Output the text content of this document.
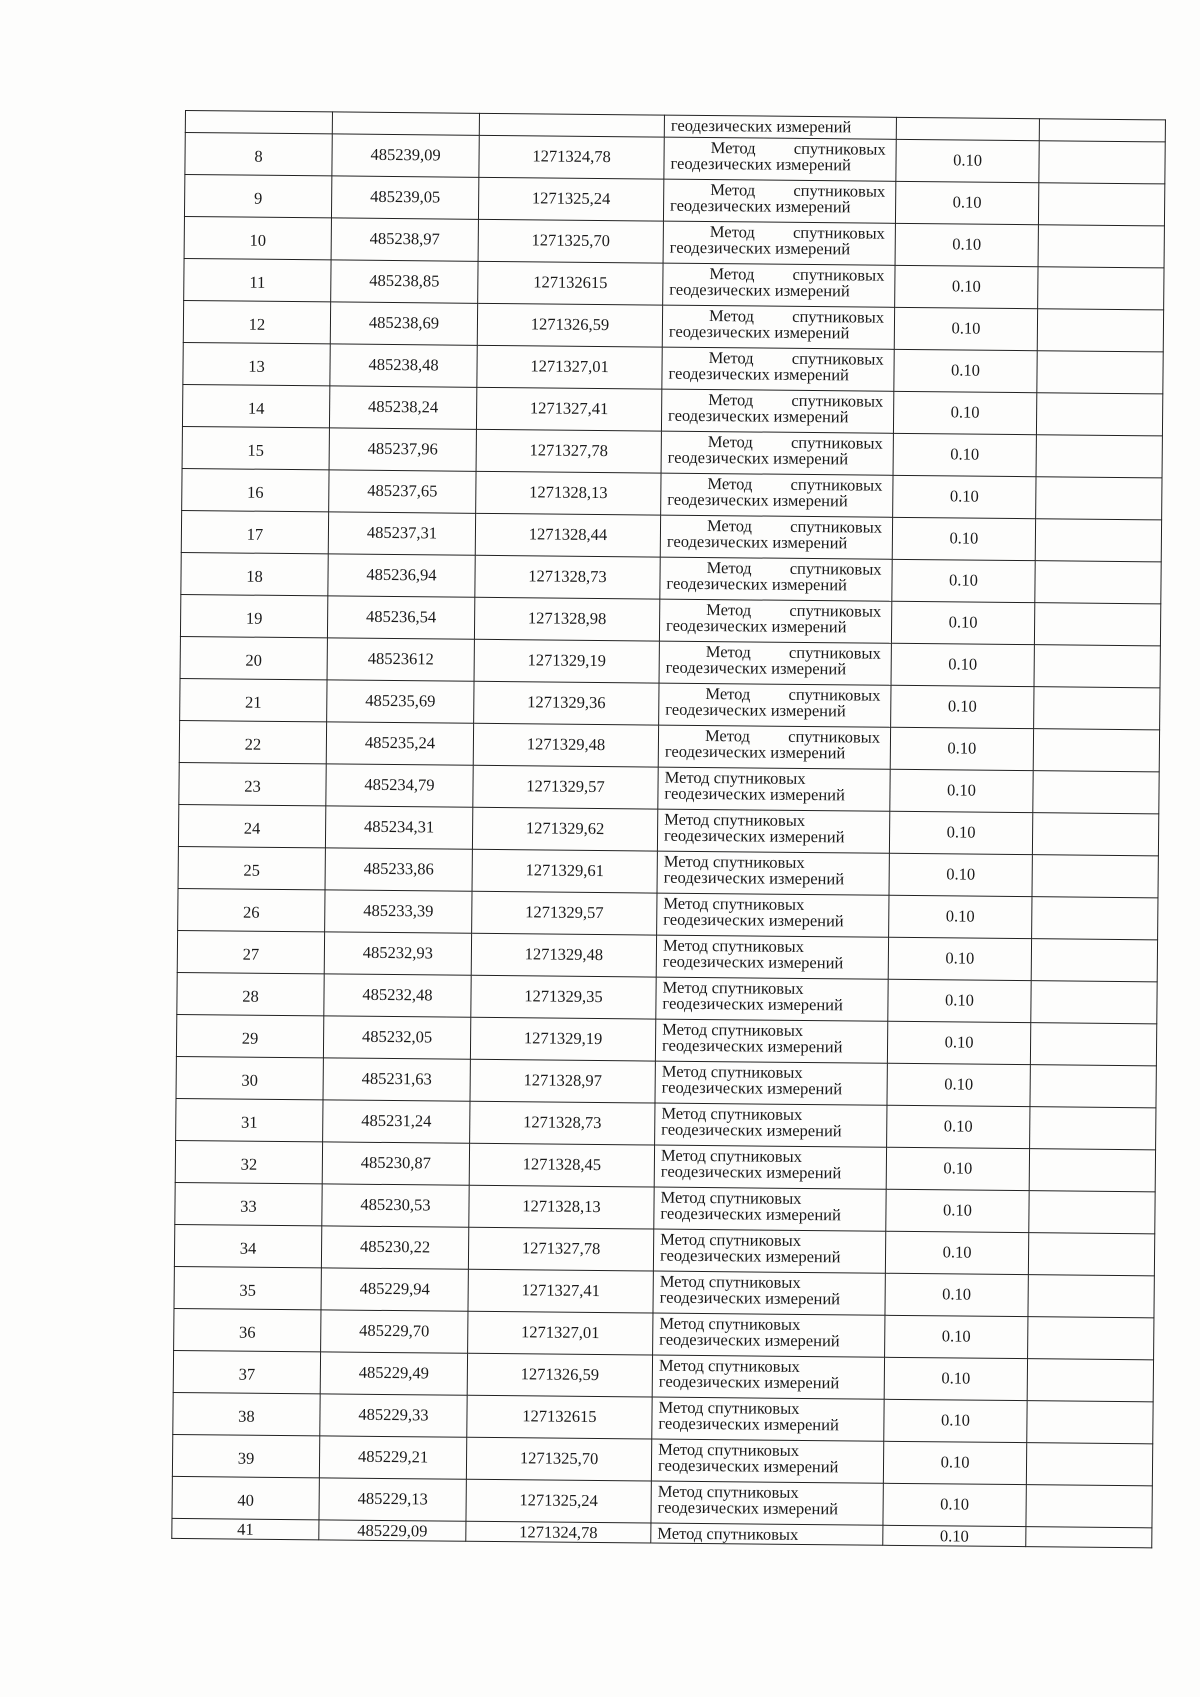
			геодезических измерений		

8	485239,09	1271324,78	Метод спутниковых
геодезических измерений	0.10	
9	485239,05	1271325,24	Метод спутниковых
геодезических измерений	0.10	
10	485238,97	1271325,70	Метод спутниковых
геодезических измерений	0.10	
11	485238,85	127132615	Метод спутниковых
геодезических измерений	0.10	
12	485238,69	1271326,59	Метод спутниковых
геодезических измерений	0.10	
13	485238,48	1271327,01	Метод спутниковых
геодезических измерений	0.10	
14	485238,24	1271327,41	Метод спутниковых
геодезических измерений	0.10	
15	485237,96	1271327,78	Метод спутниковых
геодезических измерений	0.10	
16	485237,65	1271328,13	Метод спутниковых
геодезических измерений	0.10	
17	485237,31	1271328,44	Метод спутниковых
геодезических измерений	0.10	
18	485236,94	1271328,73	Метод спутниковых
геодезических измерений	0.10	
19	485236,54	1271328,98	Метод спутниковых
геодезических измерений	0.10	
20	48523612	1271329,19	Метод спутниковых
геодезических измерений	0.10	
21	485235,69	1271329,36	Метод спутниковых
геодезических измерений	0.10	
22	485235,24	1271329,48	Метод спутниковых
геодезических измерений	0.10	
23	485234,79	1271329,57	Метод спутниковых
геодезических измерений	0.10	
24	485234,31	1271329,62	Метод спутниковых
геодезических измерений	0.10	
25	485233,86	1271329,61	Метод спутниковых
геодезических измерений	0.10	
26	485233,39	1271329,57	Метод спутниковых
геодезических измерений	0.10	
27	485232,93	1271329,48	Метод спутниковых
геодезических измерений	0.10	
28	485232,48	1271329,35	Метод спутниковых
геодезических измерений	0.10	
29	485232,05	1271329,19	Метод спутниковых
геодезических измерений	0.10	
30	485231,63	1271328,97	Метод спутниковых
геодезических измерений	0.10	
31	485231,24	1271328,73	Метод спутниковых
геодезических измерений	0.10	
32	485230,87	1271328,45	Метод спутниковых
геодезических измерений	0.10	
33	485230,53	1271328,13	Метод спутниковых
геодезических измерений	0.10	
34	485230,22	1271327,78	Метод спутниковых
геодезических измерений	0.10	
35	485229,94	1271327,41	Метод спутниковых
геодезических измерений	0.10	
36	485229,70	1271327,01	Метод спутниковых
геодезических измерений	0.10	
37	485229,49	1271326,59	Метод спутниковых
геодезических измерений	0.10	
38	485229,33	127132615	Метод спутниковых
геодезических измерений	0.10	
39	485229,21	1271325,70	Метод спутниковых
геодезических измерений	0.10	
40	485229,13	1271325,24	Метод спутниковых
геодезических измерений	0.10	
41	485229,09	1271324,78	Метод спутниковых	0.10	
